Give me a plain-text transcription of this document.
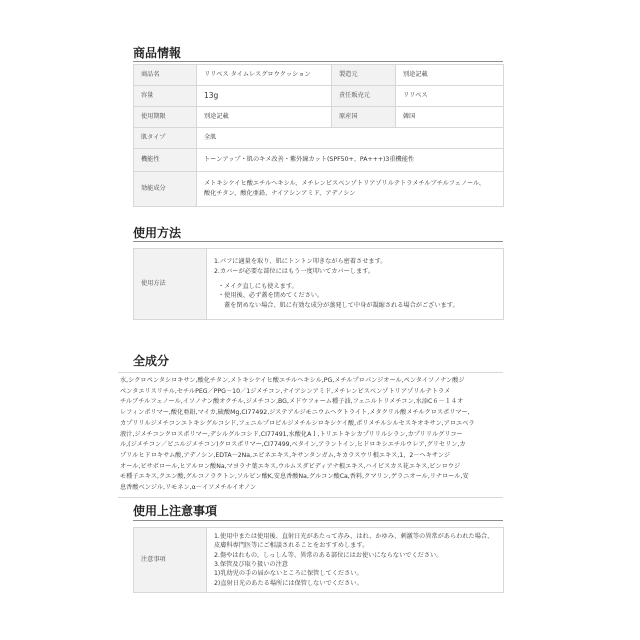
商品情報
商品名	リリベス タイムレスグロウクッション	製造元	別途記載
容量	13g	責任販売元	リリベス
使用期限	別途記載	原産国	韓国
肌タイプ	全肌		
機能性	トーンアップ・肌のキメ改善・紫外線カット(SPF50+、PA+++)3重機能性		
効能成分	メトキシケイヒ酸エチルヘキシル、メチレンビスベンゾトリアゾリルテトラメチルブチルフェノール、
酸化チタン、酸化亜鉛、ナイアシンアミド、アデノシン		
使用方法
使用方法	
1.パフに適量を取り、肌にトントン叩きながら密着させます。
2.カバーが必要な部位にはもう一度叩いてカバーします。
・メイク直しにも使えます。
・使用後、必ず蓋を閉めてください。
蓋を閉めない場合、肌に有効な成分が蒸発して中身が凝縮される場合がございます。
全成分
水,シクロペンタシロキサン,酸化チタン,メトキシケイヒ酸エチルヘキシル,PG,メチルプロパンジオール,ペンタイソノナン酸ジ
ペンタエリスリチル,セチルPEG／PPG－10／1ジメチコン,ナイアシンアミド,メチレンビスベンゾトリアゾリルテトラメ
チルブチルフェノール,イソノナン酸オクチル,ジメチコン,BG,メドウフォーム種子油,フェニルトリメチコン,水添C６－１４オ
レフィンポリマー,酸化亜鉛,マイカ,硫酸Mg,CI77492,ジステアルジモニウムヘクトライト,メタクリル酸メチルクロスポリマー,
カプリリルジメチコンエトキシグルコシド,フェニルプロピルジメチルシロキシケイ酸,ポリメチルシルセスキオキサン,アロエベラ
液汁,ジメチコンクロスポリマー,デシルグルコシド,CI77491,水酸化Aｌ,トリエトキシカプリリルシラン,カプリリルグリコー
ル,(ジメチコン／ビニルジメチコン)クロスポリマー,CI77499,ベタイン,アラントイン,ヒドロキシエチルウレア,グリセリン,カ
プリルヒドロキサム酸,アデノシン,EDTA－2Na,エピネエキス,キサンタンガム,キカラスウリ根エキス,1，2－ヘキサンジ
オール,ビサボロール,ヒアルロン酸Na,マヨラナ葉エキス,ウルムスダビディアナ根エキス,ハイビスカス花エキス,ビンロウジ
モ種子エキス,クエン酸,グルコノラクトン,ソルビン酸K,安息香酸Na,グルコン酸Ca,香料,クマリン,ゲラニオール,リナロール,安
息香酸ベンジル,リモネン,α－イソメチルイオノン
使用上注意事項
注意事項	
1.使用中または使用後、直射日光があたって赤み、はれ、かゆみ、刺激等の異常があらわれた場合、
皮膚科専門医等にご相談されることをおすすめします。
2.傷やはれもの、しっしん等、異常のある部位にはお使いにならないでください。
3.保管及び取り扱いの注意
1)乳幼児の手の届かないところに保管してください。
2)直射日光のあたる場所には保管しないでください。
